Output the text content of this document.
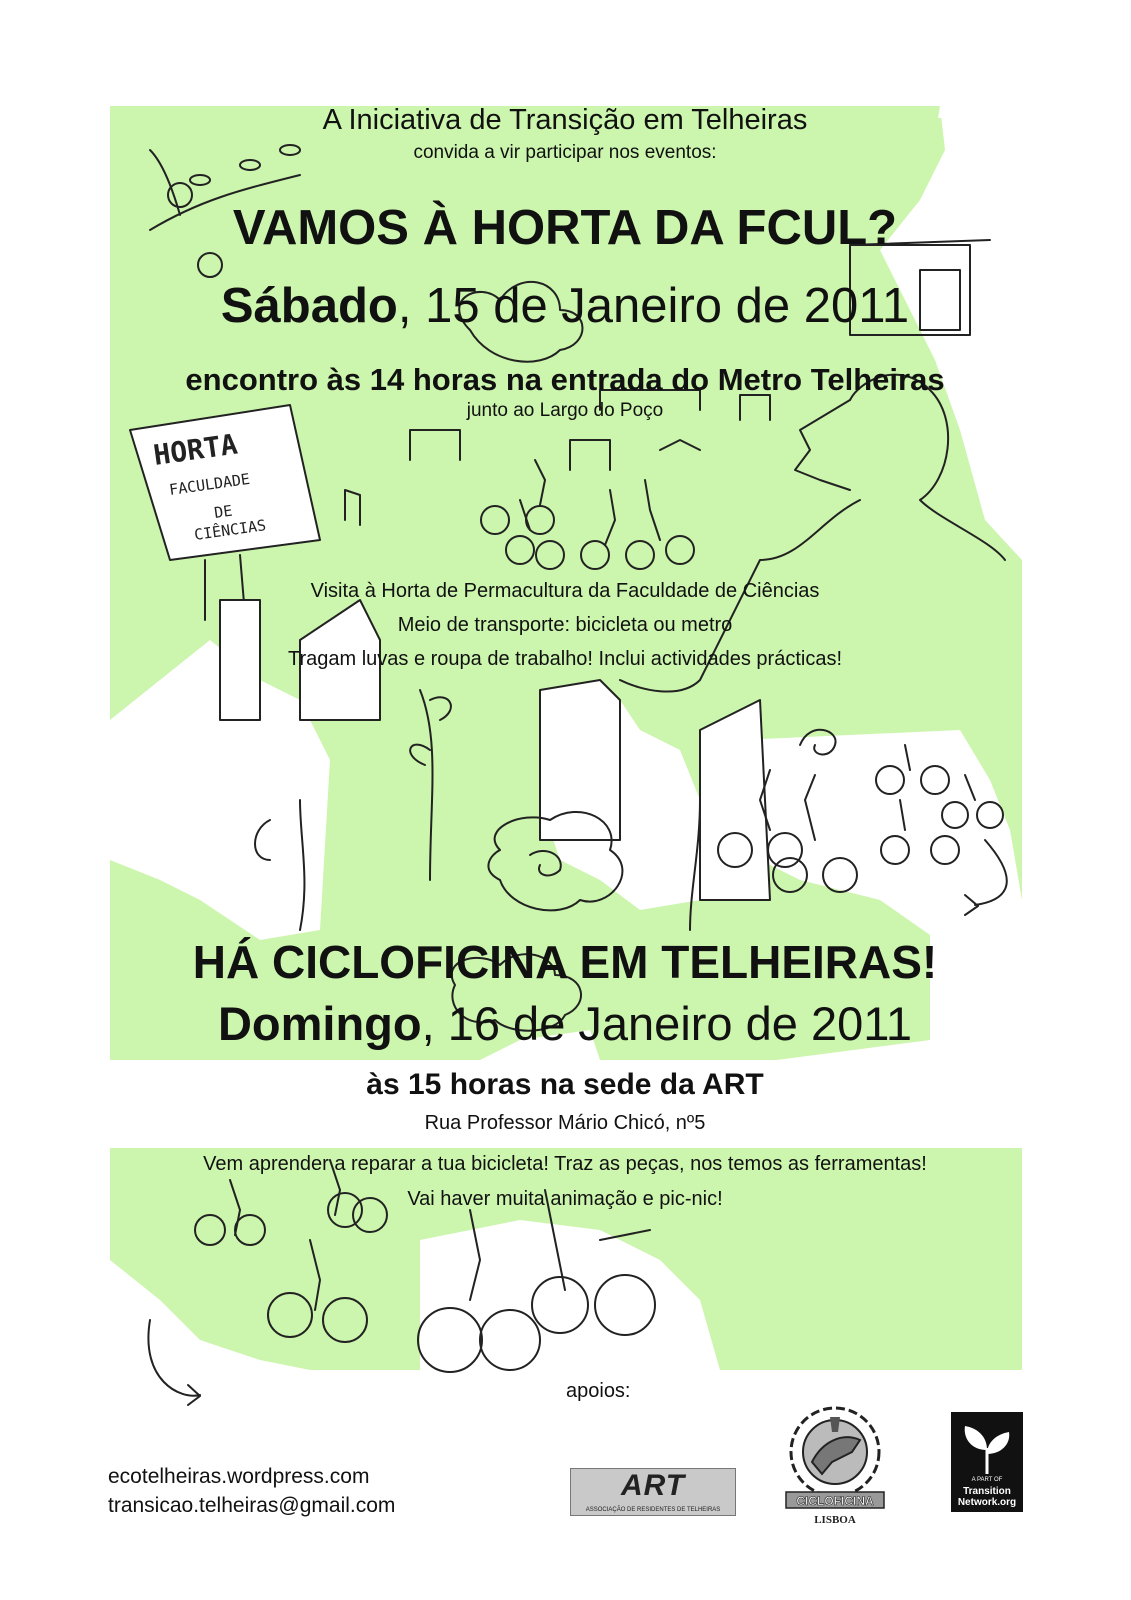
HORTA
FACULDADE
DE
CIÊNCIAS
A Iniciativa de Transição em Telheiras
convida a vir participar nos eventos:
VAMOS À HORTA DA FCUL?
Sábado, 15 de Janeiro de 2011
encontro às 14 horas na entrada do Metro Telheiras
junto ao Largo do Poço
Visita à Horta de Permacultura da Faculdade de Ciências
Meio de transporte: bicicleta ou metro
Tragam luvas e roupa de trabalho! Inclui actividades prácticas!
HÁ CICLOFICINA EM TELHEIRAS!
Domingo, 16 de Janeiro de 2011
às 15 horas na sede da ART
Rua Professor Mário Chicó, nº5
Vem aprender a reparar a tua bicicleta! Traz as peças, nos temos as ferramentas!
Vai haver muita animação e pic-nic!
apoios:
ecotelheiras.wordpress.com
transicao.telheiras@gmail.com
ART
ASSOCIAÇÃO DE RESIDENTES DE TELHEIRAS
CICLOFICINA
LISBOA
A PART OF
Transition
Network.org
